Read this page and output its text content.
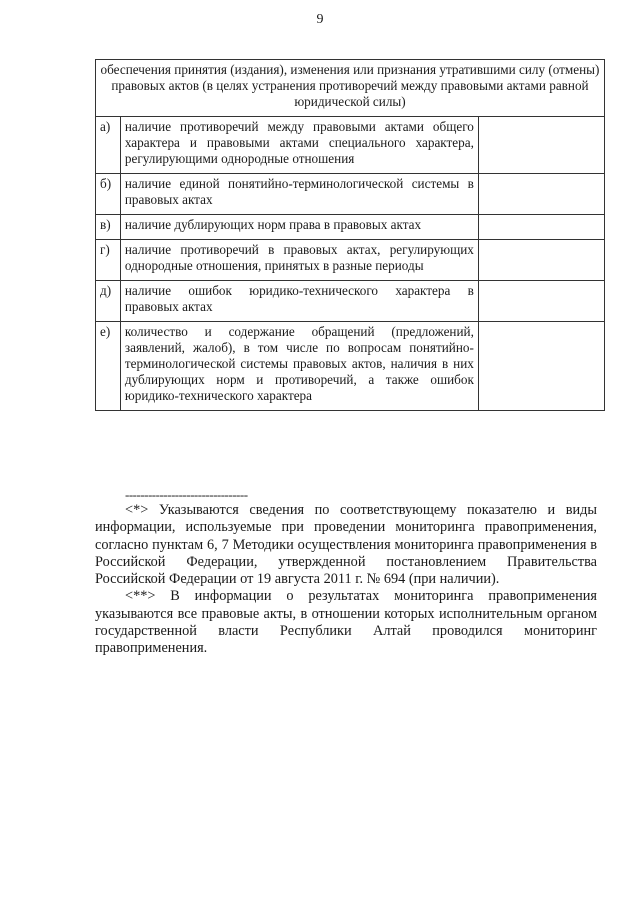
9
обеспечения принятия (издания), изменения или признания утратившими силу (отмены) правовых актов (в целях устранения противоречий между правовыми актами равной юридической силы)		
а)	наличие противоречий между правовыми актами общего характера и правовыми актами специального характера, регулирующими однородные отношения	
б)	наличие единой понятийно-терминологической системы в правовых актах	
в)	наличие дублирующих норм права в правовых актах	
г)	наличие противоречий в правовых актах, регулирующих однородные отношения, принятых в разные периоды	
д)	наличие ошибок юридико-технического характера в правовых актах	
е)	количество и содержание обращений (предложений, заявлений, жалоб), в том числе по вопросам понятийно-терминологической системы правовых актов, наличия в них дублирующих норм и противоречий, а также ошибок юридико-технического характера	
--------------------------------

<*> Указываются сведения по соответствующему показателю и виды информации, используемые при проведении мониторинга правоприменения, согласно пунктам 6, 7 Методики осуществления мониторинга правоприменения в Российской Федерации, утвержденной постановлением Правительства Российской Федерации от 19 августа 2011 г. № 694 (при наличии).

<**> В информации о результатах мониторинга правоприменения указываются все правовые акты, в отношении которых исполнительным органом государственной власти Республики Алтай проводился мониторинг правоприменения.
